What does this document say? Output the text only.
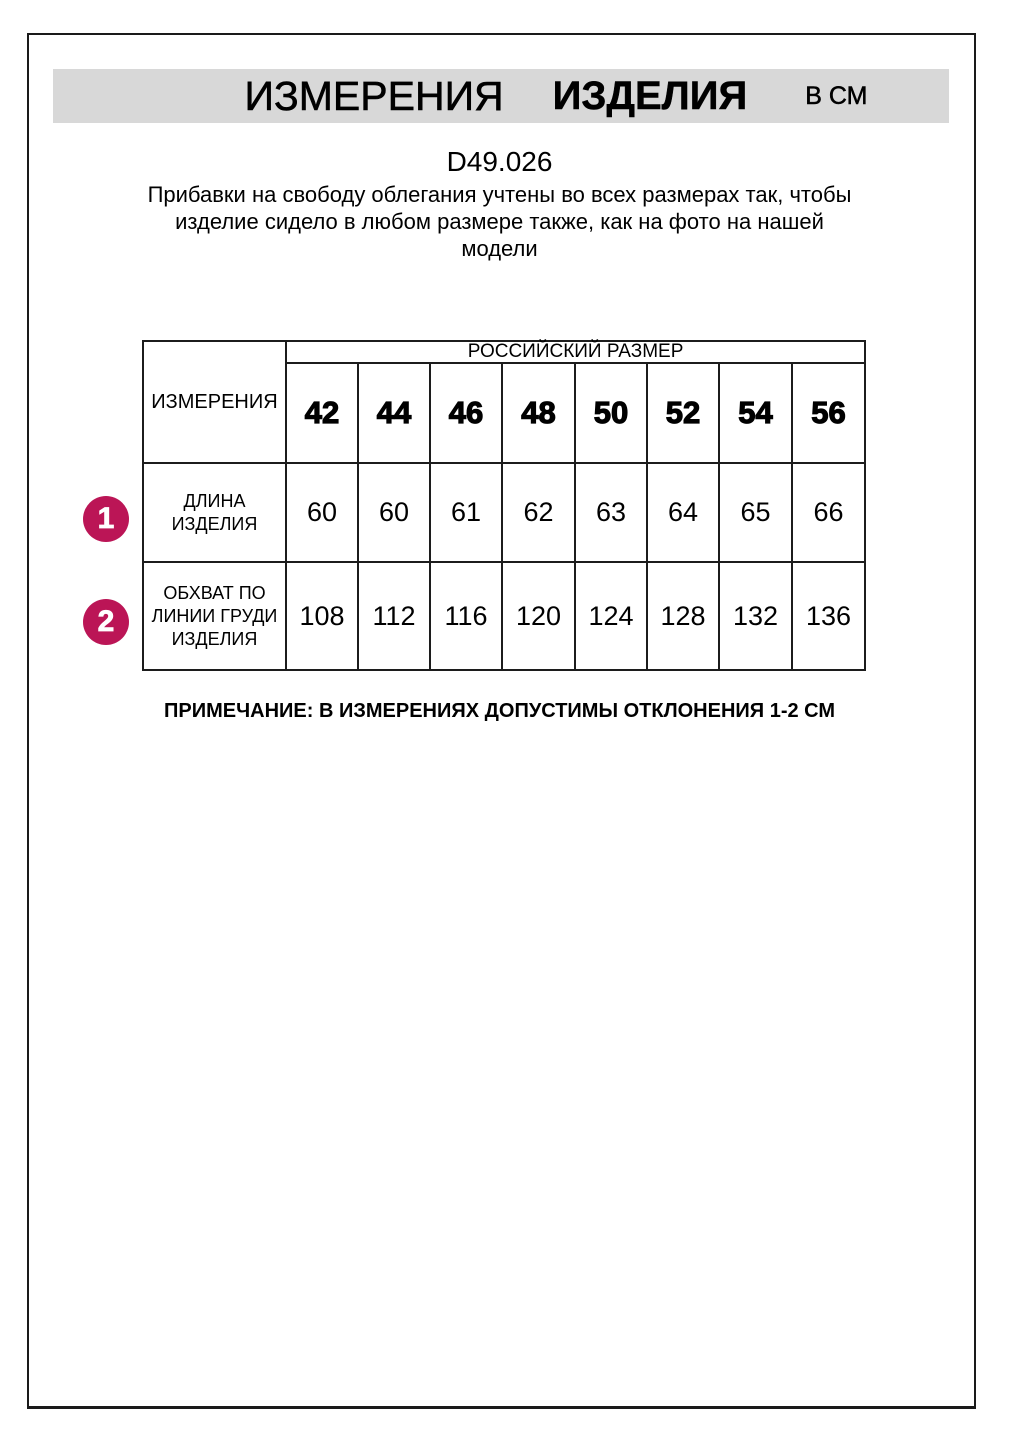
ИЗМЕРЕНИЯ ИЗДЕЛИЯ В СМ
D49.026
Прибавки на свободу облегания учтены во всех размерах так, чтобы
изделие сидело в любом размере также, как на фото на нашей
модели
ИЗМЕРЕНИЯ	РОССИЙСКИЙ РАЗМЕР							
	42	44	46	48	50	52	54	56
ДЛИНА ИЗДЕЛИЯ	60	60	61	62	63	64	65	66
ОБХВАТ ПО ЛИНИИ ГРУДИ ИЗДЕЛИЯ	108	112	116	120	124	128	132	136
1
2
ПРИМЕЧАНИЕ: В ИЗМЕРЕНИЯХ ДОПУСТИМЫ ОТКЛОНЕНИЯ 1-2 СМ
